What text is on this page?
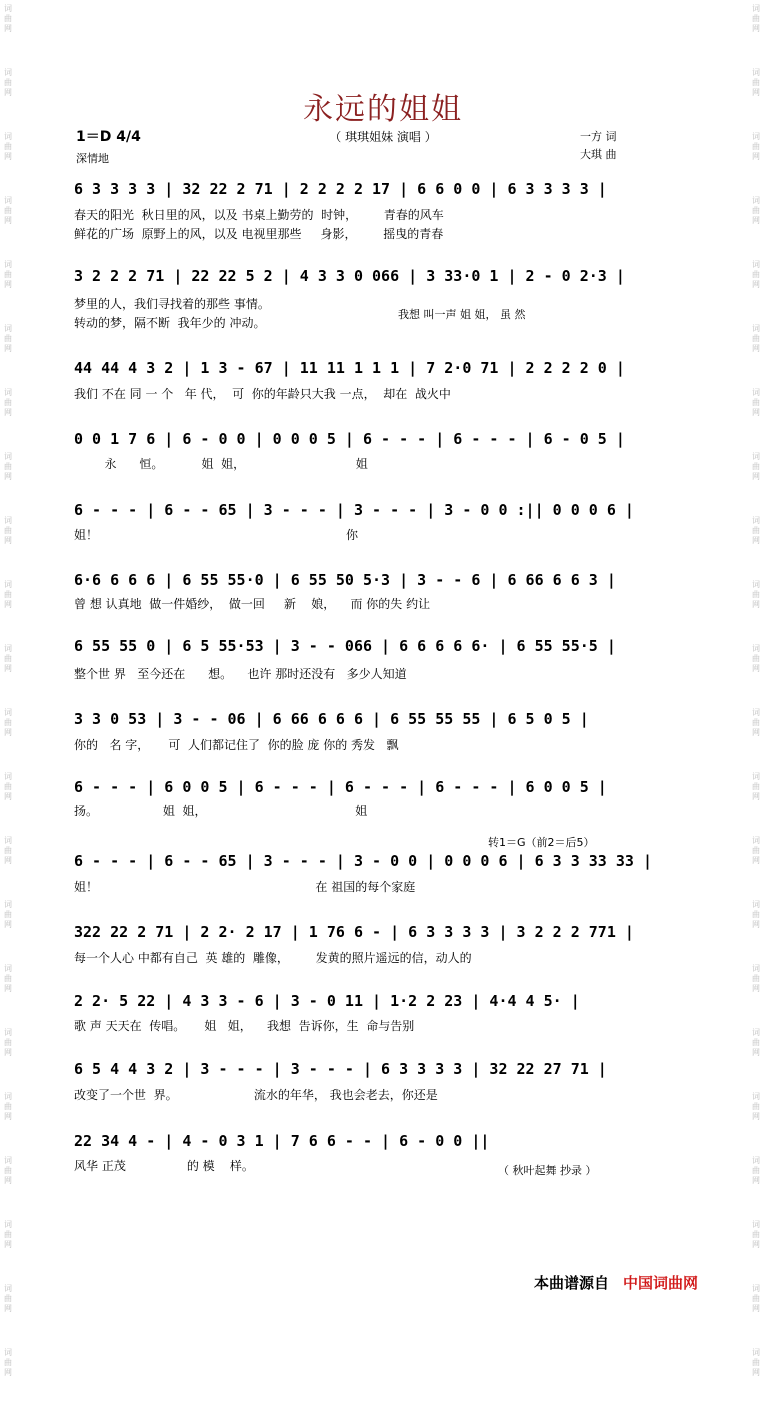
词
曲
网
词
曲
网
词
曲
网
词
曲
网
词
曲
网
词
曲
网
词
曲
网
词
曲
网
词
曲
网
词
曲
网
词
曲
网
词
曲
网
词
曲
网
词
曲
网
词
曲
网
词
曲
网
词
曲
网
词
曲
网
词
曲
网
词
曲
网
词
曲
网
词
曲
网
词
曲
网
词
曲
网
词
曲
网
词
曲
网
词
曲
网
词
曲
网
词
曲
网
词
曲
网
词
曲
网
词
曲
网
词
曲
网
词
曲
网
词
曲
网
词
曲
网
词
曲
网
词
曲
网
词
曲
网
词
曲
网
词
曲
网
词
曲
网
词
曲
网
词
曲
网
永远的姐姐
（ 琪琪姐妹 演唱 ）
1＝D 4/4
深情地
一方 词
大琪 曲
6 3 3 3 3 | 32 22 2 71 | 2 2 2 2 17 | 6 6 0 0 | 6 3 3 3 3 |
春天的阳光  秋日里的风，以及 书桌上勤劳的  时钟，       青春的风车
鲜花的广场  原野上的风，以及 电视里那些     身影，       摇曳的青春
3 2 2 2 71 | 22 22 5 2 | 4 3 3 0 066 | 3 33·0 1 | 2 - 0 2·3 |
梦里的人，我们寻找着的那些 事情。
转动的梦，隔不断  我年少的 冲动。
我想 叫一声 姐 姐， 虽 然
44 44 4 3 2 | 1 3 - 67 | 11 11 1 1 1 | 7 2·0 71 | 2 2 2 2 0 |
我们 不在 同 一 个   年 代，  可  你的年龄只大我 一点，  却在  战火中
0 0 1 7 6 | 6 - 0 0 | 0 0 0 5 | 6 - - - | 6 - - - | 6 - 0 5 |
永      恒。          姐  姐，                             姐
6 - - - | 6 - - 65 | 3 - - - | 3 - - - | 3 - 0 0 :|| 0 0 0 6 |
姐！                                                                 你
6·6 6 6 6 | 6 55 55·0 | 6 55 50 5·3 | 3 - - 6 | 6 66 6 6 3 |
曾 想 认真地  做一件婚纱，  做一回     新    娘，    而 你的失 约让
6 55 55 0 | 6 5 55·53 | 3 - - 066 | 6 6 6 6 6· | 6 55 55·5 |
整个世 界   至今还在      想。    也许 那时还没有   多少人知道
3 3 0 53 | 3 - - 06 | 6 66 6 6 6 | 6 55 55 55 | 6 5 0 5 |
你的   名 字，     可  人们都记住了  你的脸 庞 你的 秀发   飘
6 - - - | 6 0 0 5 | 6 - - - | 6 - - - | 6 - - - | 6 0 0 5 |
扬。                 姐  姐，                                       姐
转1＝G（前2＝后5）
6 - - - | 6 - - 65 | 3 - - - | 3 - 0 0 | 0 0 0 6 | 6 3 3 33 33 |
姐！                                                         在 祖国的每个家庭
322 22 2 71 | 2 2· 2 17 | 1 76 6 - | 6 3 3 3 3 | 3 2 2 2 771 |
每一个人心 中都有自己  英 雄的  雕像，       发黄的照片遥远的信，动人的
2 2· 5 22 | 4 3 3 - 6 | 3 - 0 11 | 1·2 2 23 | 4·4 4 5· |
歌 声 天天在  传唱。     姐   姐，    我想  告诉你，生  命与告别
6 5 4 4 3 2 | 3 - - - | 3 - - - | 6 3 3 3 3 | 32 22 27 71 |
改变了一个世  界。                    流水的年华， 我也会老去，你还是
22 34 4 - | 4 - 0 3 1 | 7 6 6 - - | 6 - 0 0 ||
风华 正茂                的 模    样。	（ 秋叶起舞 抄录 ）
本曲谱源自 中国词曲网
